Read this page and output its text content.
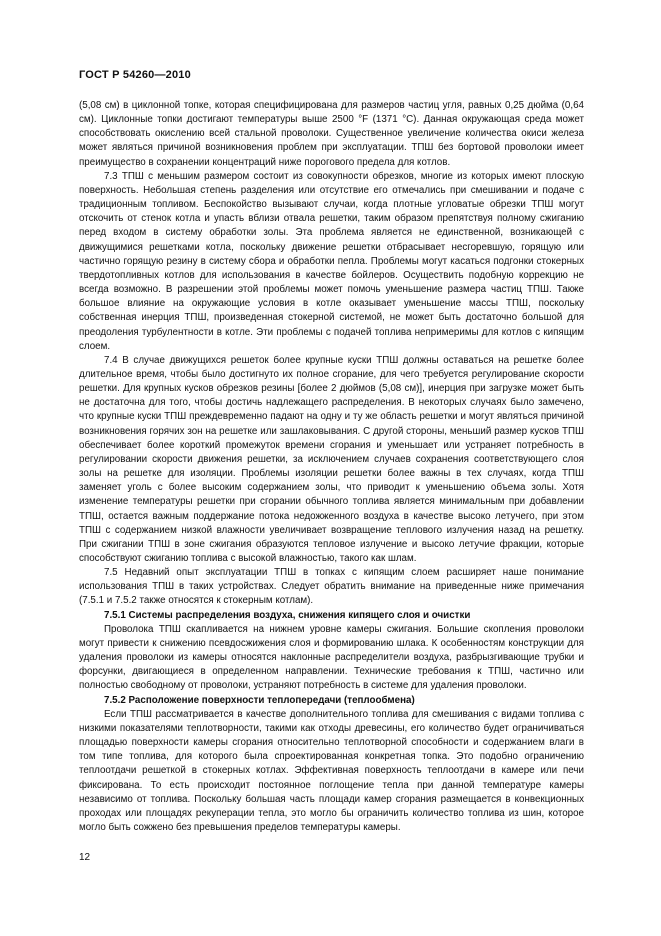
ГОСТ Р 54260—2010

(5,08 см) в циклонной топке, которая специфицирована для размеров частиц угля, равных 0,25 дюйма (0,64 см). Циклонные топки достигают температуры выше 2500 °F (1371 °С). Данная окружающая среда может способствовать окислению всей стальной проволоки. Существенное увеличение количества окиси железа может являться причиной возникновения проблем при эксплуатации. ТПШ без бортовой проволоки имеет преимущество в сохранении концентраций ниже порогового предела для котлов.

7.3 ТПШ с меньшим размером состоит из совокупности обрезков, многие из которых имеют плоскую поверхность. Небольшая степень разделения или отсутствие его отмечались при смешивании и подаче с традиционным топливом. Беспокойство вызывают случаи, когда плотные угловатые обрезки ТПШ могут отскочить от стенок котла и упасть вблизи отвала решетки, таким образом препятствуя полному сжиганию перед входом в систему обработки золы. Эта проблема является не единственной, возникающей с движущимися решетками котла, поскольку движение решетки отбрасывает несгоревшую, горящую или частично горящую резину в систему сбора и обработки пепла. Проблемы могут касаться подгонки стокерных твердотопливных котлов для использования в качестве бойлеров. Осуществить подобную коррекцию не всегда возможно. В разрешении этой проблемы может помочь уменьшение размера частиц ТПШ. Также большое влияние на окружающие условия в котле оказывает уменьшение массы ТПШ, поскольку собственная инерция ТПШ, произведенная стокерной системой, не может быть достаточно большой для преодоления турбулентности в котле. Эти проблемы с подачей топлива непримеримы для котлов с кипящим слоем.

7.4 В случае движущихся решеток более крупные куски ТПШ должны оставаться на решетке более длительное время, чтобы было достигнуто их полное сгорание, для чего требуется регулирование скорости решетки. Для крупных кусков обрезков резины [более 2 дюймов (5,08 см)], инерция при загрузке может быть не достаточна для того, чтобы достичь надлежащего распределения. В некоторых случаях было замечено, что крупные куски ТПШ преждевременно падают на одну и ту же область решетки и могут являться причиной возникновения горячих зон на решетке или зашлаковывания. С другой стороны, меньший размер кусков ТПШ обеспечивает более короткий промежуток времени сгорания и уменьшает или устраняет потребность в регулировании скорости движения решетки, за исключением случаев сохранения соответствующего слоя золы на решетке для изоляции. Проблемы изоляции решетки более важны в тех случаях, когда ТПШ заменяет уголь с более высоким содержанием золы, что приводит к уменьшению объема золы. Хотя изменение температуры решетки при сгорании обычного топлива является минимальным при добавлении ТПШ, остается важным поддержание потока недожженного воздуха в качестве высоко летучего, при этом ТПШ с содержанием низкой влажности увеличивает возвращение теплового излучения назад на решетку. При сжигании ТПШ в зоне сжигания образуются тепловое излучение и высоко летучие фракции, которые способствуют сжиганию топлива с высокой влажностью, такого как шлам.

7.5 Недавний опыт эксплуатации ТПШ в топках с кипящим слоем расширяет наше понимание использования ТПШ в таких устройствах. Следует обратить внимание на приведенные ниже примечания (7.5.1 и 7.5.2 также относятся к стокерным котлам).

7.5.1 Системы распределения воздуха, снижения кипящего слоя и очистки

Проволока ТПШ скапливается на нижнем уровне камеры сжигания. Большие скопления проволоки могут привести к снижению псевдосжижения слоя и формированию шлака. К особенностям конструкции для удаления проволоки из камеры относятся наклонные распределители воздуха, разбрызгивающие трубки и форсунки, двигающиеся в определенном направлении. Технические требования к ТПШ, частично или полностью свободному от проволоки, устраняют потребность в системе для удаления проволоки.

7.5.2 Расположение поверхности теплопередачи (теплообмена)

Если ТПШ рассматривается в качестве дополнительного топлива для смешивания с видами топлива с низкими показателями теплотворности, такими как отходы древесины, его количество будет ограничиваться площадью поверхности камеры сгорания относительно теплотворной способности и содержанием влаги в том типе топлива, для которого была спроектированная конкретная топка. Это подобно ограничению теплоотдачи решеткой в стокерных котлах. Эффективная поверхность теплоотдачи в камере или печи фиксирована. То есть происходит постоянное поглощение тепла при данной температуре камеры независимо от топлива. Поскольку большая часть площади камер сгорания размещается в конвекционных проходах или площадях рекуперации тепла, это могло бы ограничить количество топлива из шин, которое могло быть сожжено без превышения пределов температуры камеры.

12
